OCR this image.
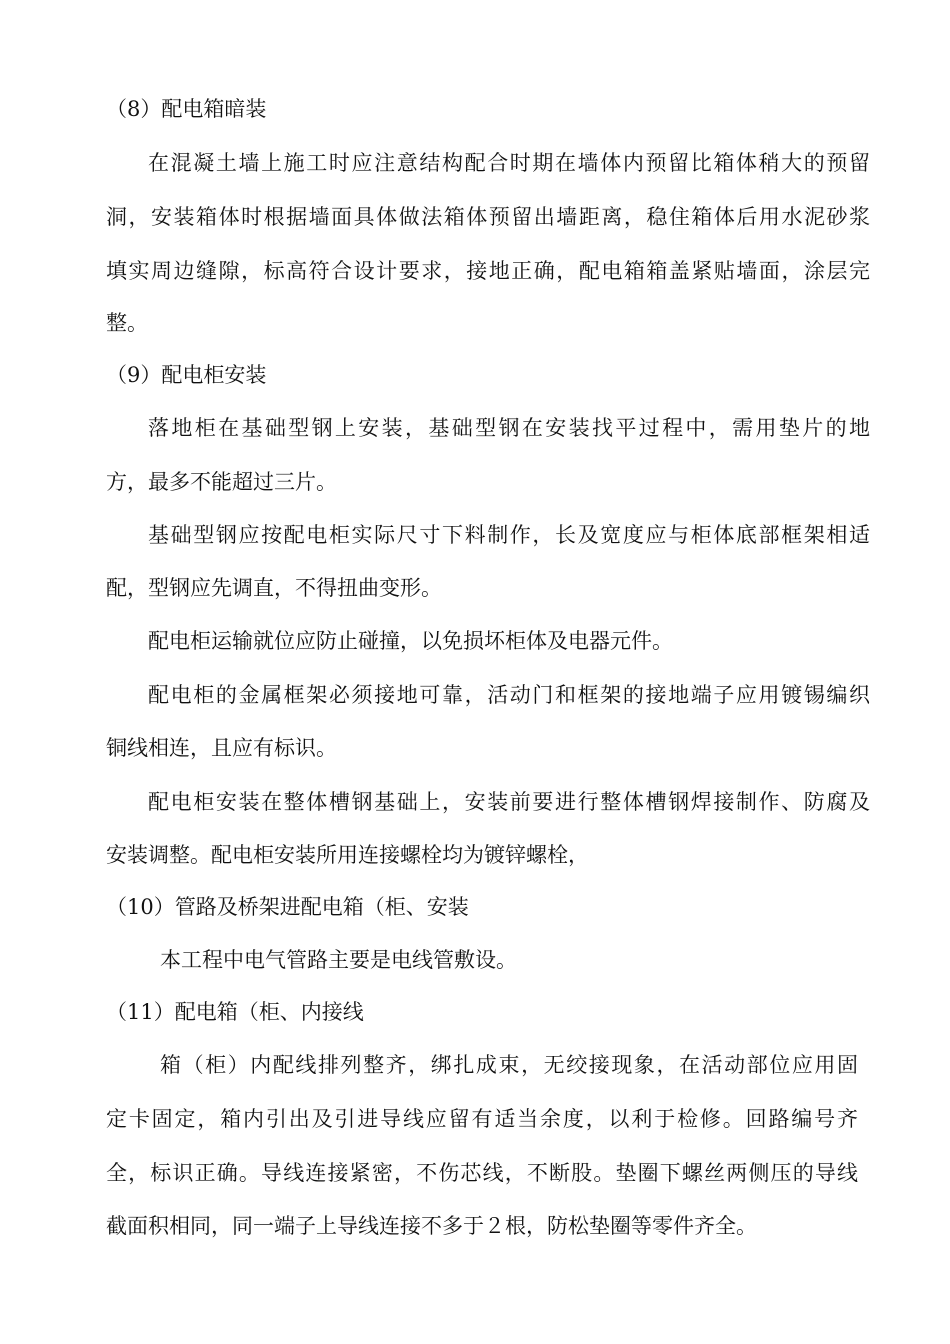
（8）配电箱暗装
在混凝土墙上施工时应注意结构配合时期在墙体内预留比箱体稍大的预留
洞，安装箱体时根据墙面具体做法箱体预留出墙距离，稳住箱体后用水泥砂浆
填实周边缝隙，标高符合设计要求，接地正确，配电箱箱盖紧贴墙面，涂层完
整。
（9）配电柜安装
落地柜在基础型钢上安装，基础型钢在安装找平过程中，需用垫片的地
方，最多不能超过三片。
基础型钢应按配电柜实际尺寸下料制作，长及宽度应与柜体底部框架相适
配，型钢应先调直，不得扭曲变形。
配电柜运输就位应防止碰撞，以免损坏柜体及电器元件。
配电柜的金属框架必须接地可靠，活动门和框架的接地端子应用镀锡编织
铜线相连，且应有标识。
配电柜安装在整体槽钢基础上，安装前要进行整体槽钢焊接制作、防腐及
安装调整。配电柜安装所用连接螺栓均为镀锌螺栓，
（10）管路及桥架进配电箱（柜、安装
本工程中电气管路主要是电线管敷设。
（11）配电箱（柜、内接线
箱（柜）内配线排列整齐，绑扎成束，无绞接现象，在活动部位应用固
定卡固定，箱内引出及引进导线应留有适当余度，以利于检修。回路编号齐
全，标识正确。导线连接紧密，不伤芯线，不断股。垫圈下螺丝两侧压的导线
截面积相同，同一端子上导线连接不多于２根，防松垫圈等零件齐全。
